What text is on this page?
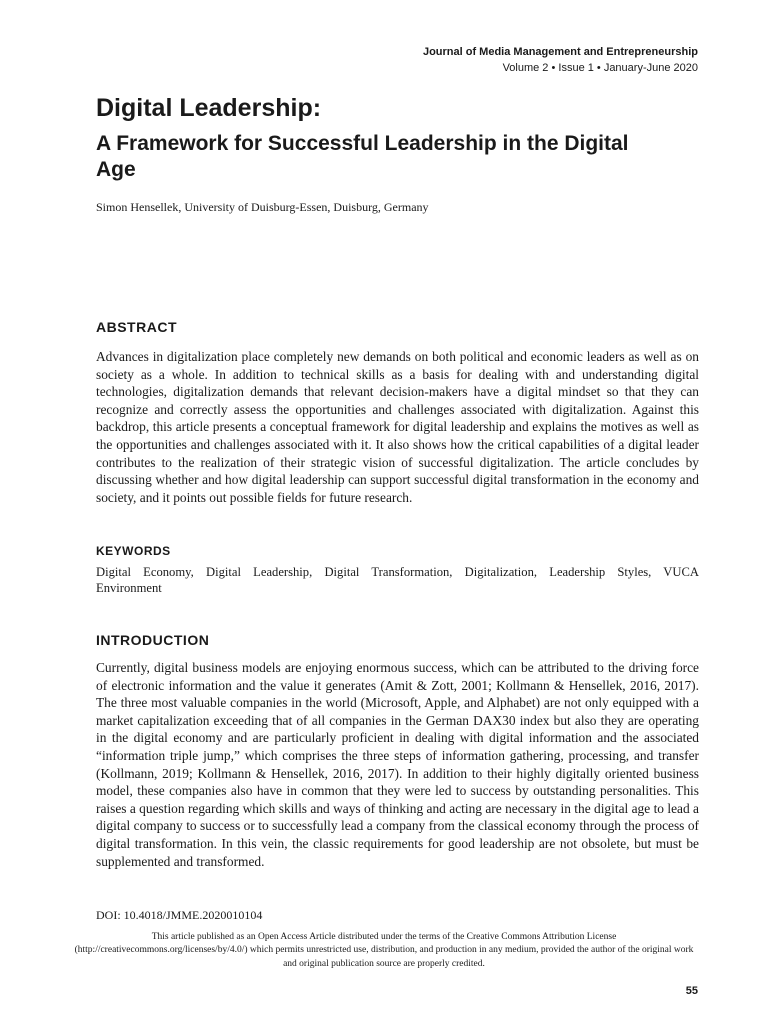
Journal of Media Management and Entrepreneurship
Volume 2 • Issue 1 • January-June 2020
Digital Leadership:
A Framework for Successful Leadership in the Digital Age
Simon Hensellek, University of Duisburg-Essen, Duisburg, Germany
ABSTRACT

Advances in digitalization place completely new demands on both political and economic leaders as well as on society as a whole. In addition to technical skills as a basis for dealing with and understanding digital technologies, digitalization demands that relevant decision-makers have a digital mindset so that they can recognize and correctly assess the opportunities and challenges associated with digitalization. Against this backdrop, this article presents a conceptual framework for digital leadership and explains the motives as well as the opportunities and challenges associated with it. It also shows how the critical capabilities of a digital leader contributes to the realization of their strategic vision of successful digitalization. The article concludes by discussing whether and how digital leadership can support successful digital transformation in the economy and society, and it points out possible fields for future research.

KEYWORDS

Digital Economy, Digital Leadership, Digital Transformation, Digitalization, Leadership Styles, VUCA Environment

INTRODUCTION

Currently, digital business models are enjoying enormous success, which can be attributed to the driving force of electronic information and the value it generates (Amit & Zott, 2001; Kollmann & Hensellek, 2016, 2017). The three most valuable companies in the world (Microsoft, Apple, and Alphabet) are not only equipped with a market capitalization exceeding that of all companies in the German DAX30 index but also they are operating in the digital economy and are particularly proficient in dealing with digital information and the associated “information triple jump,” which comprises the three steps of information gathering, processing, and transfer (Kollmann, 2019; Kollmann & Hensellek, 2016, 2017). In addition to their highly digitally oriented business model, these companies also have in common that they were led to success by outstanding personalities. This raises a question regarding which skills and ways of thinking and acting are necessary in the digital age to lead a digital company to success or to successfully lead a company from the classical economy through the process of digital transformation. In this vein, the classic requirements for good leadership are not obsolete, but must be supplemented and transformed.

DOI: 10.4018/JMME.2020010104

This article published as an Open Access Article distributed under the terms of the Creative Commons Attribution License (http://creativecommons.org/licenses/by/4.0/) which permits unrestricted use, distribution, and production in any medium, provided the author of the original work and original publication source are properly credited.

55
